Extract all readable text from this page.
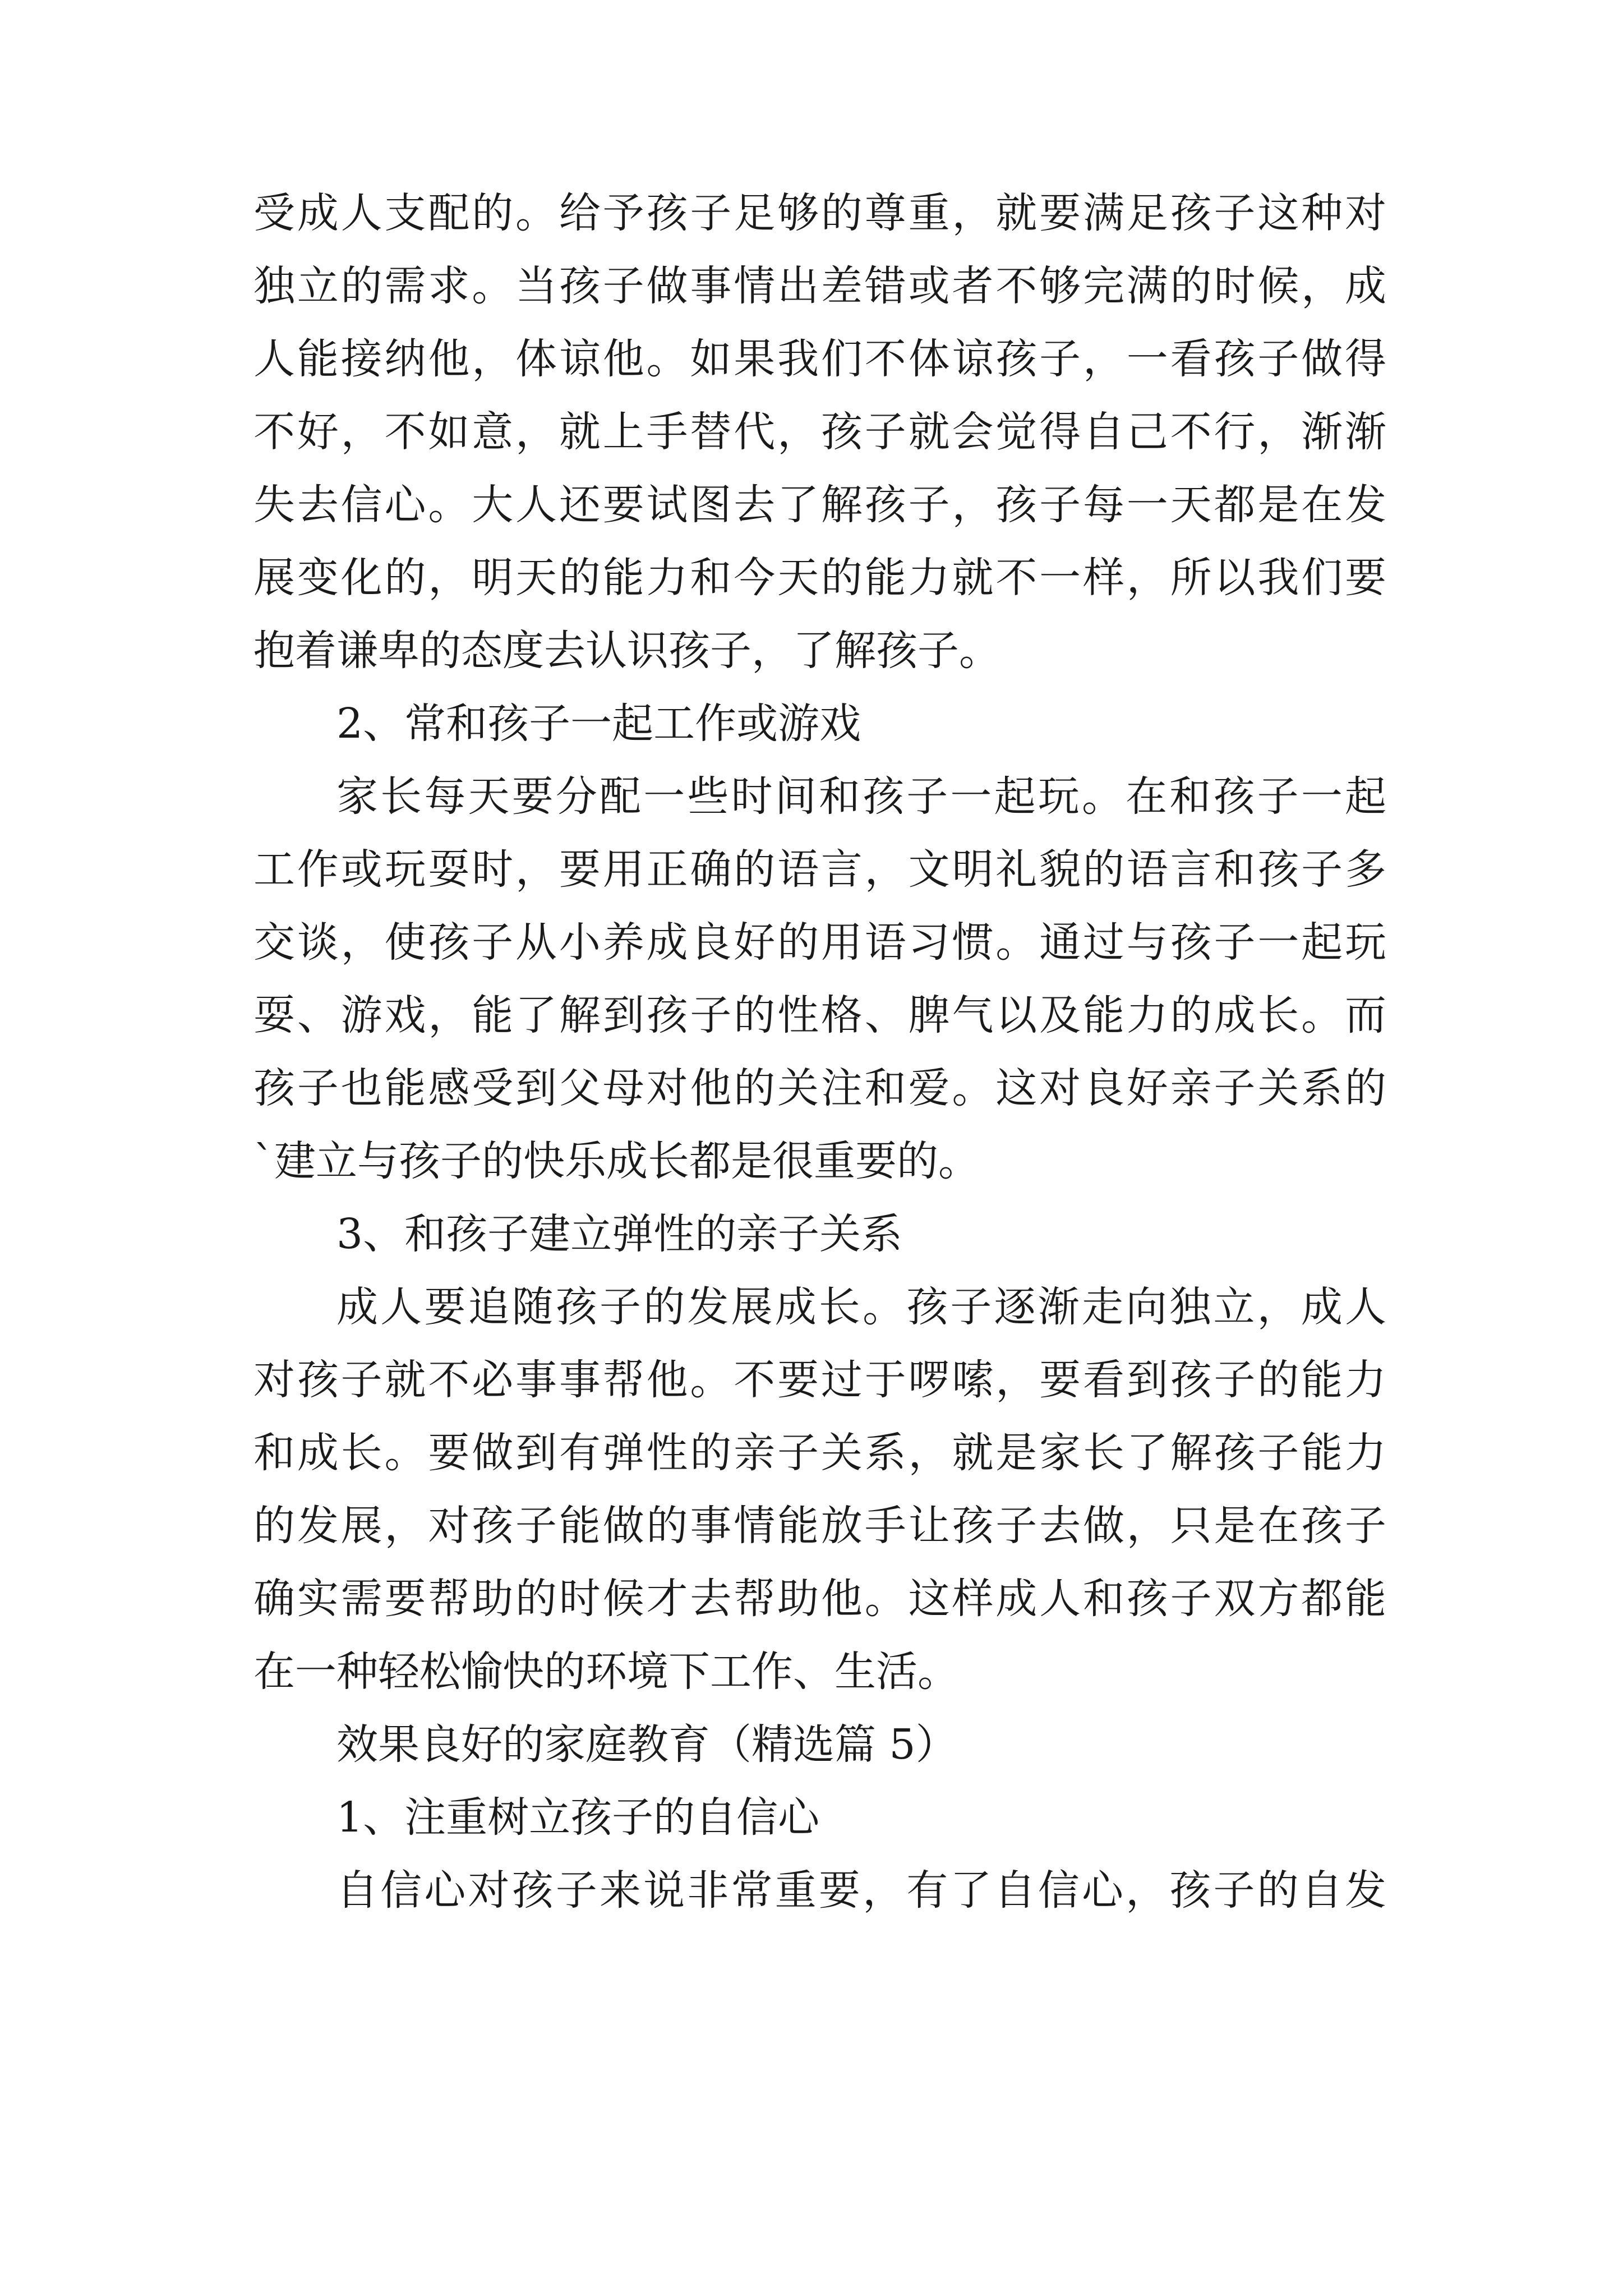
受成人支配的。给予孩子足够的尊重，就要满足孩子这种对
独立的需求。当孩子做事情出差错或者不够完满的时候，成
人能接纳他，体谅他。如果我们不体谅孩子，一看孩子做得
不好，不如意，就上手替代，孩子就会觉得自己不行，渐渐
失去信心。大人还要试图去了解孩子，孩子每一天都是在发
展变化的，明天的能力和今天的能力就不一样，所以我们要
抱着谦卑的态度去认识孩子，了解孩子。
2、常和孩子一起工作或游戏
家长每天要分配一些时间和孩子一起玩。在和孩子一起
工作或玩耍时，要用正确的语言，文明礼貌的语言和孩子多
交谈，使孩子从小养成良好的用语习惯。通过与孩子一起玩
耍、游戏，能了解到孩子的性格、脾气以及能力的成长。而
孩子也能感受到父母对他的关注和爱。这对良好亲子关系的
`建立与孩子的快乐成长都是很重要的。
3、和孩子建立弹性的亲子关系
成人要追随孩子的发展成长。孩子逐渐走向独立，成人
对孩子就不必事事帮他。不要过于啰嗦，要看到孩子的能力
和成长。要做到有弹性的亲子关系，就是家长了解孩子能力
的发展，对孩子能做的事情能放手让孩子去做，只是在孩子
确实需要帮助的时候才去帮助他。这样成人和孩子双方都能
在一种轻松愉快的环境下工作、生活。
效果良好的家庭教育（精选篇 5）
1、注重树立孩子的自信心
自信心对孩子来说非常重要，有了自信心，孩子的自发
